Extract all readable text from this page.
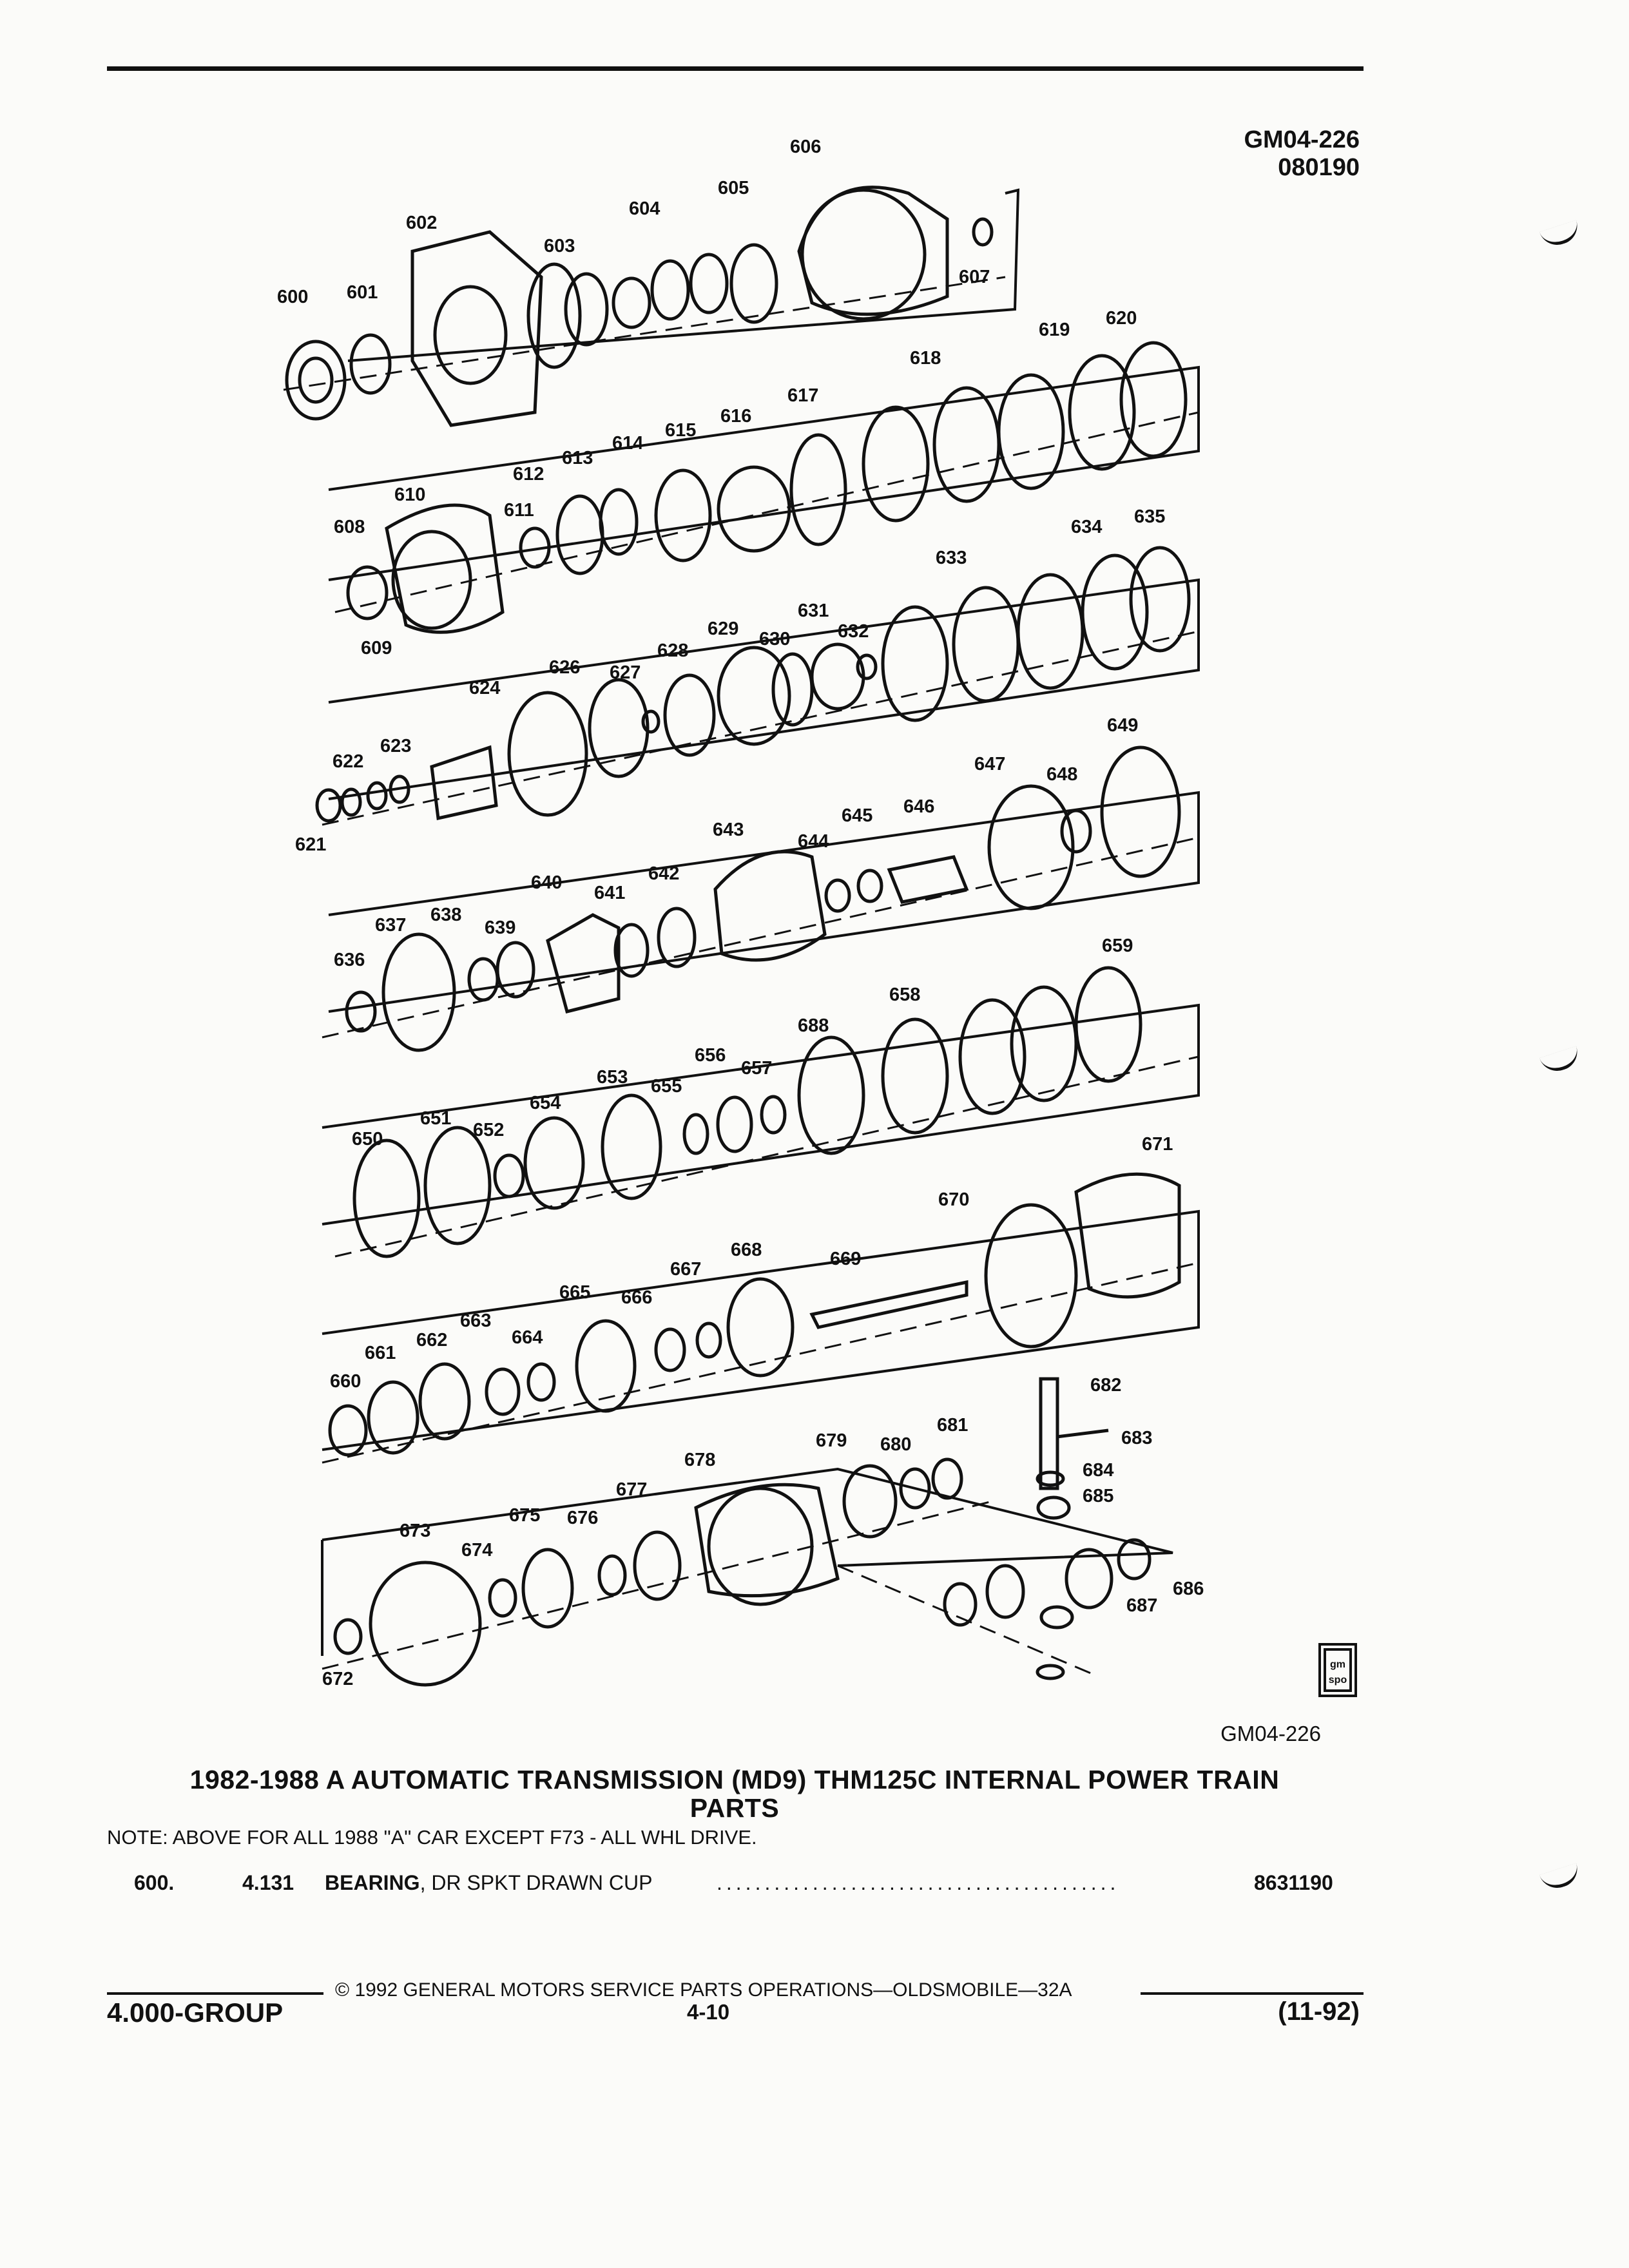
GM04-226
080190
gm
spo
600 601
602
603
604
605
606
607
608
609
610
611
612
613
614
615
616
617
618
619
620
621
622
623
624
626 627
628
629 630
631
632
633
634 635
636
637 638
639
640 641
642
643
644
645 646
647 648
649
650
651
652
653
654
655
656
657
658
659
660
661
662
663
664
665 666
667
668	669
670
671
672
673
674
675 676
677
678
679 680
681
682
683
684
685
686
687
688
GM04-226
1982-1988 A AUTOMATIC TRANSMISSION (MD9) THM125C INTERNAL POWER TRAIN
PARTS
NOTE: ABOVE FOR ALL 1988 "A" CAR EXCEPT F73 - ALL WHL DRIVE.
600.	4.131 BEARING, DR SPKT DRAWN CUP	..........................................	8631190
© 1992 GENERAL MOTORS SERVICE PARTS OPERATIONS—OLDSMOBILE—32A
4.000-GROUP	4-10	(11-92)
